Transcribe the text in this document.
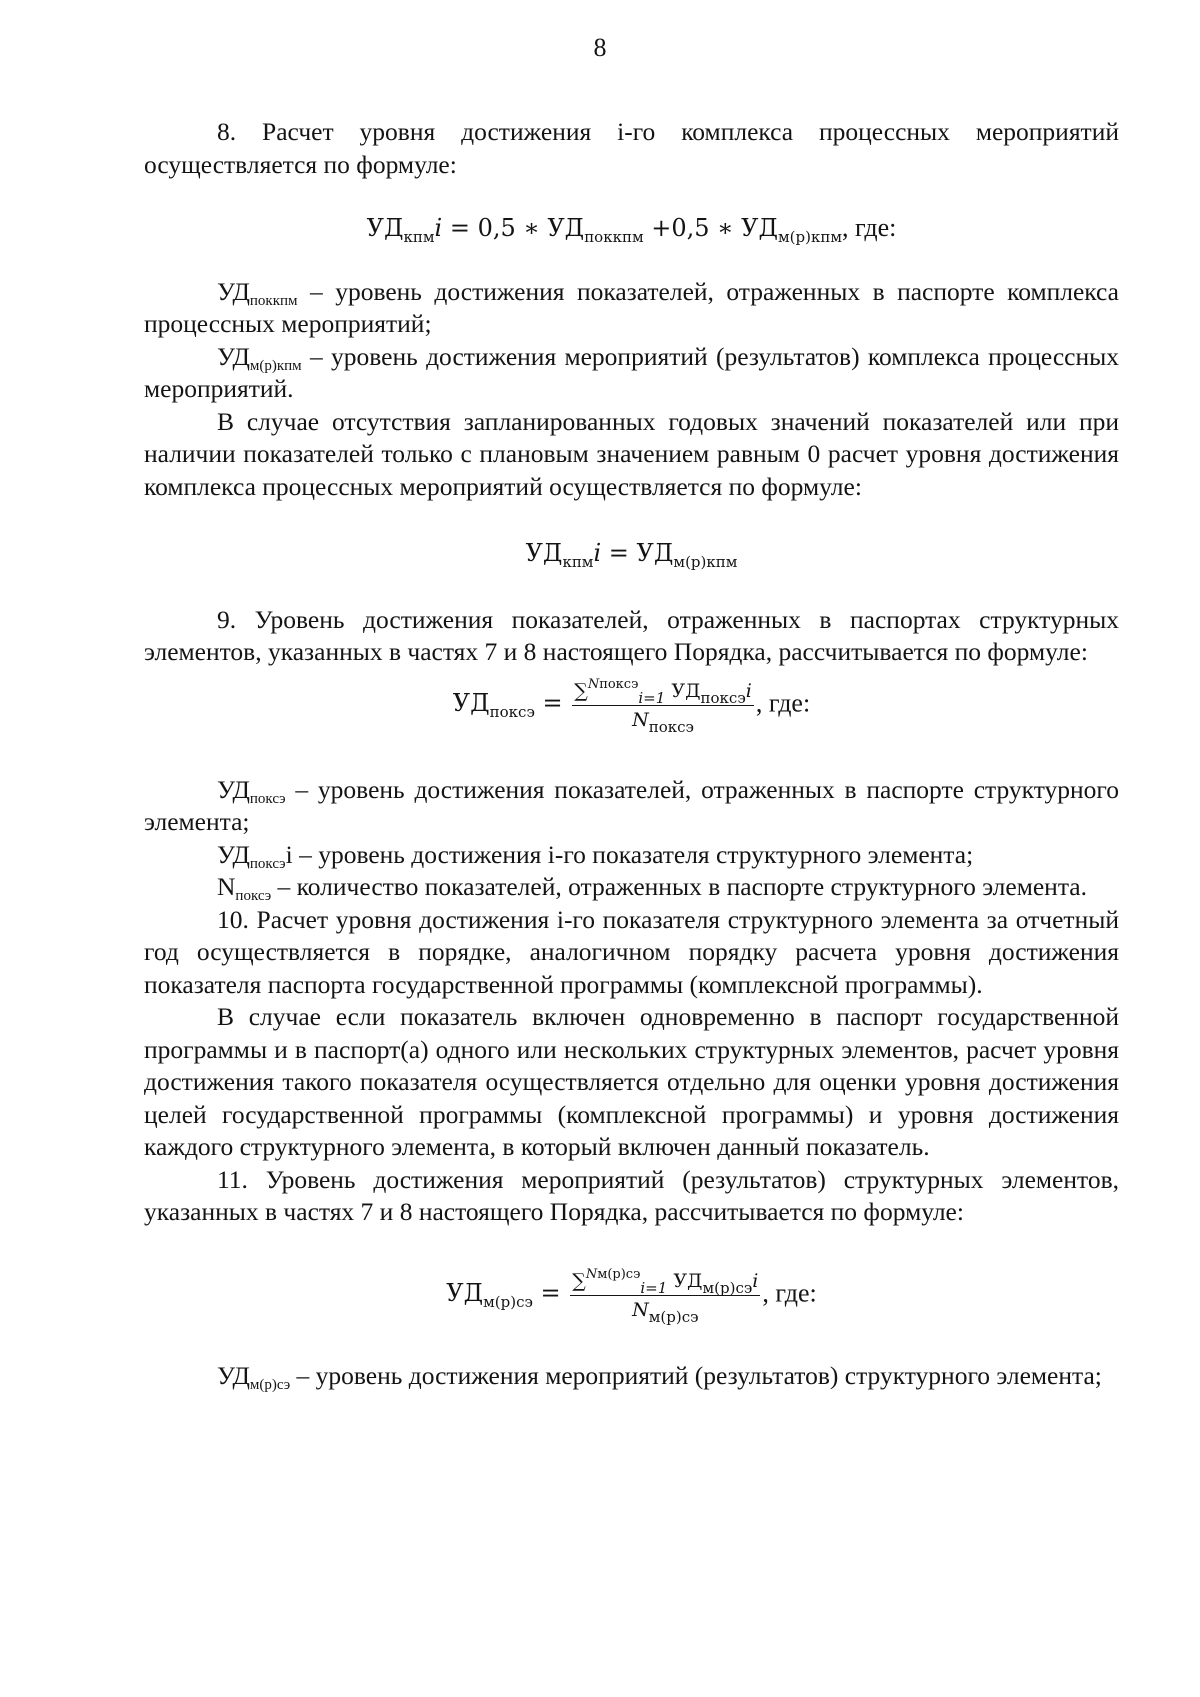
8

8. Расчет уровня достижения i-го комплекса процессных мероприятий осуществляется по формуле:

$УД_{кпм}i = 0,5$ ∗ $УД_{поккпм} +0,5$ ∗ $УД_{м(р)кпм}$, где:

УДпоккпм – уровень достижения показателей, отраженных в паспорте комплекса процессных мероприятий;

УДм(р)кпм – уровень достижения мероприятий (результатов) комплекса процессных мероприятий.

В случае отсутствия запланированных годовых значений показателей или при наличии показателей только с плановым значением равным 0 расчет уровня достижения комплекса процессных мероприятий осуществляется по формуле:

$УД_{кпм}i = УД_{м(р)кпм}$

9. Уровень достижения показателей, отраженных в паспортах структурных элементов, указанных в частях 7 и 8 настоящего Порядка, рассчитывается по формуле:

$УД_{поксэ} = \frac{\sum^{Nпоксэ}_{i=1} УД_{поксэ}i}{N_{поксэ}}$ , где:

УДпоксэ – уровень достижения показателей, отраженных в паспорте структурного элемента;

УДпоксэi – уровень достижения i-го показателя структурного элемента;

Nпоксэ – количество показателей, отраженных в паспорте структурного элемента.

10. Расчет уровня достижения i-го показателя структурного элемента за отчетный год осуществляется в порядке, аналогичном порядку расчета уровня достижения показателя паспорта государственной программы (комплексной программы).

В случае если показатель включен одновременно в паспорт государственной программы и в паспорт(а) одного или нескольких структурных элементов, расчет уровня достижения такого показателя осуществляется отдельно для оценки уровня достижения целей государственной программы (комплексной программы) и уровня достижения каждого структурного элемента, в который включен данный показатель.

11. Уровень достижения мероприятий (результатов) структурных элементов, указанных в частях 7 и 8 настоящего Порядка, рассчитывается по формуле:

$УД_{м(р)сэ} = \frac{\sum^{Nм(р)сэ}_{i=1} УД_{м(р)сэ}i}{N_{м(р)сэ}}$ , где:

УДм(р)сэ – уровень достижения мероприятий (результатов) структурного элемента;
